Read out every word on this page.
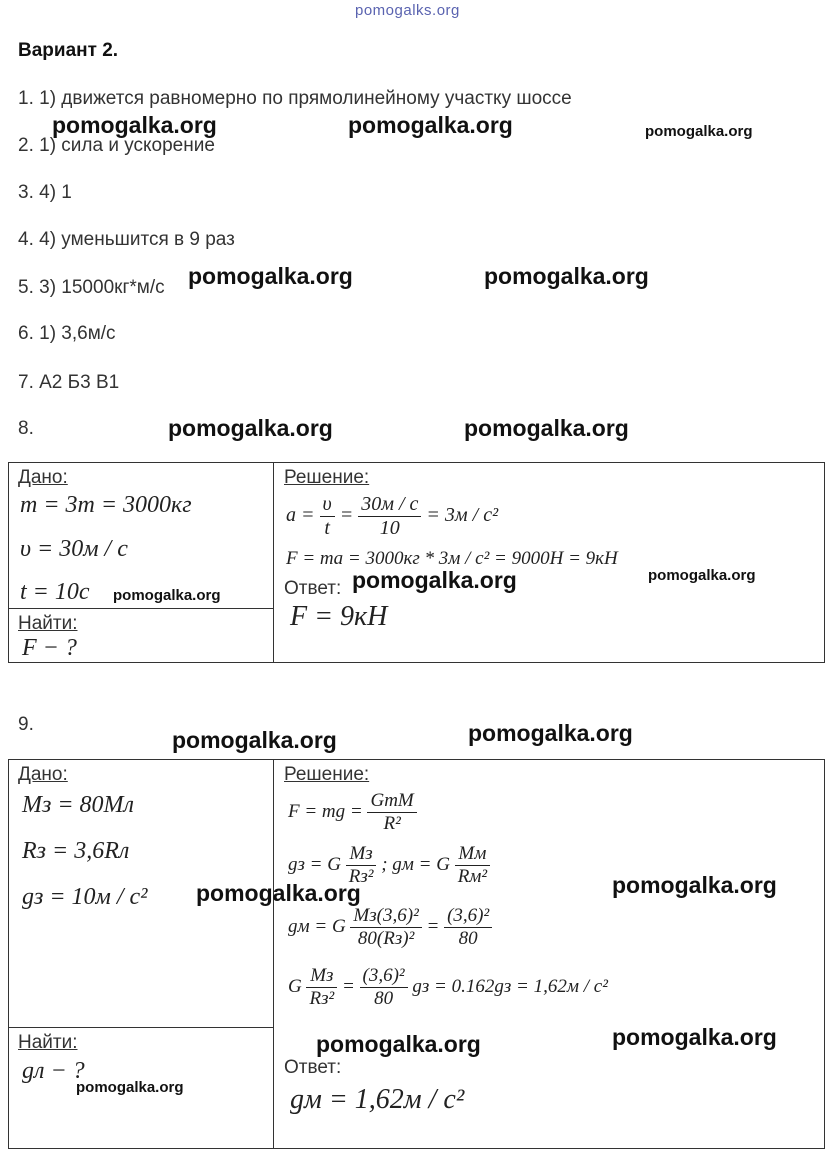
pomogalks.org
Вариант 2.
1. 1) движется равномерно по прямолинейному участку шоссе
2. 1) сила и ускорение
3. 4) 1
4. 4) уменьшится в 9 раз
5. 3) 15000кг*м/с
6. 1) 3,6м/с
7. А2 Б3 В1
8.
pomogalka.org	pomogalka.org	pomogalka.org
pomogalka.org	pomogalka.org
pomogalka.org	pomogalka.org
Дано:
m = 3т = 3000кг
υ = 30м / с
t = 10с pomogalka.org
Найти:
F − ?
Решение:
$a = \frac{\upsilon}{t} = \frac{30м / с}{10} = 3м / с^2$
F = ma = 3000кг * 3м / с² = 9000Н = 9кН
Ответ: pomogalka.org	pomogalka.org
F = 9кН
9.
pomogalka.org	pomogalka.org
Дано:
Mз = 80Mл
Rз = 3,6Rл
gз = 10м / с² pomogalka.org
Найти:
gл − ?
pomogalka.org
Решение:
F = mg = $\frac{\text{GmM}}{\text{R²}}$
gз = G $\frac{Mз}{\text{Rз²}}$ ; gм = G $\frac{Mм}{\text{Rм²}}$	pomogalka.org
gм = G $\frac{\text{Mз(3,6)²}}{\text{80(Rз)²}} = \frac{\text{(3,6)²}}{80}$
G $\frac{Mз}{\text{Rз²}} = \frac{\text{(3,6)²}}{80}$ gз = 0.162gз = 1,62м / с²
pomogalka.org	pomogalka.org
Ответ:
gм = 1,62м / с²
